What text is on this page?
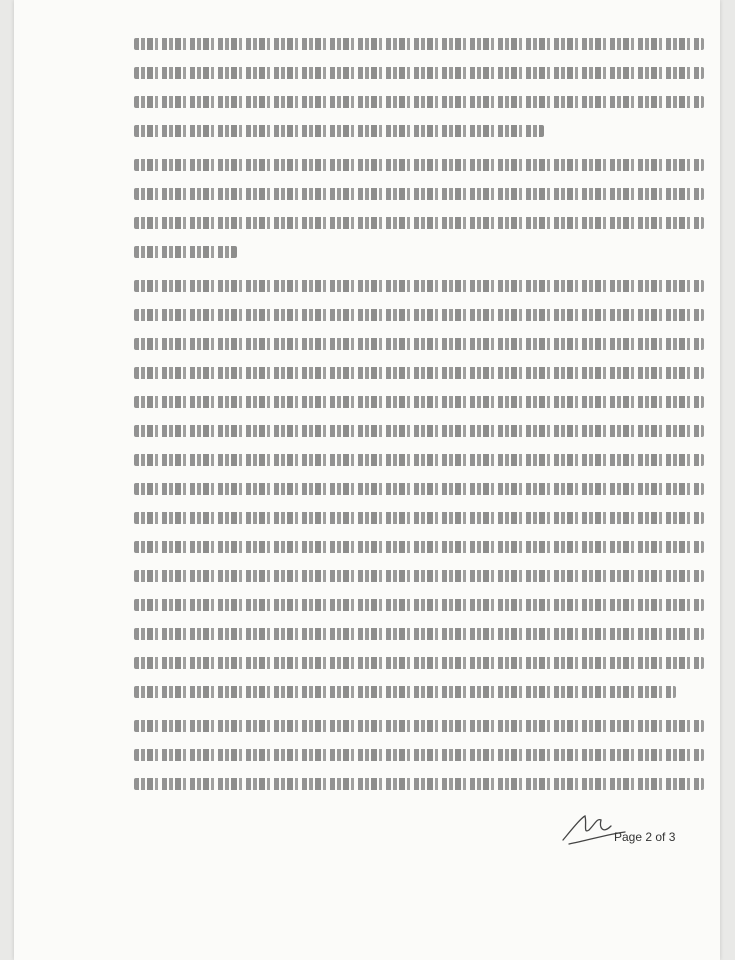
Page 2 of 3
